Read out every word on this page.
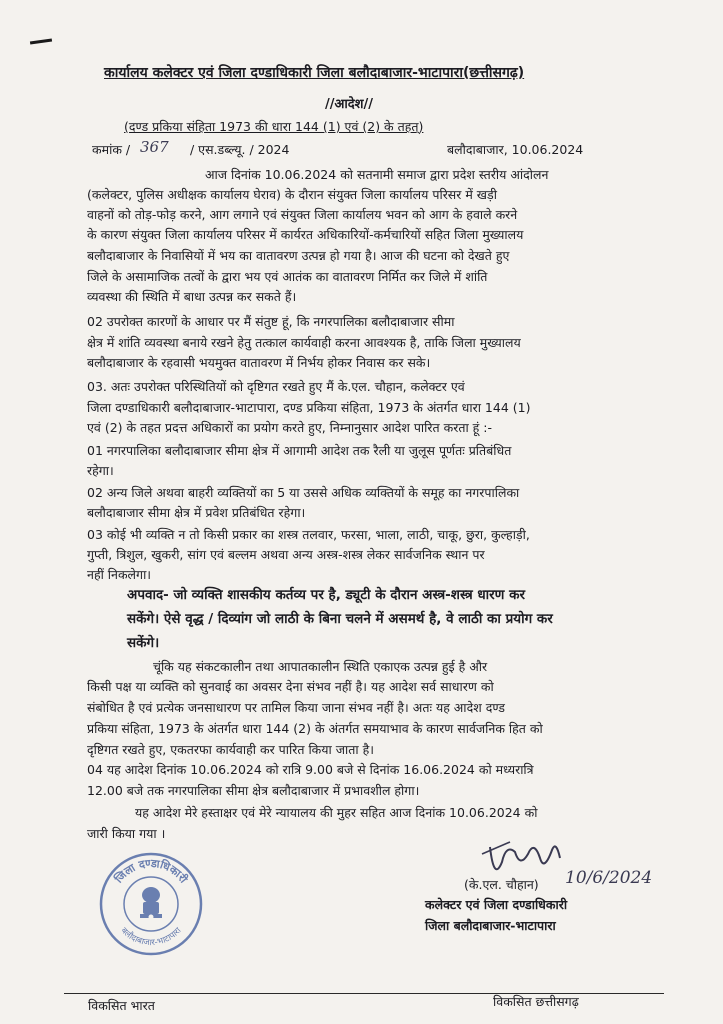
कार्यालय कलेक्टर एवं जिला दण्डाधिकारी जिला बलौदाबाजार-भाटापारा(छत्तीसगढ़)
//आदेश//
(दण्ड प्रकिया संहिता 1973 की धारा 144 (1) एवं (2) के तहत्)
कमांक / 367 / एस.डब्ल्यू. / 2024	बलौदाबाजार, 10.06.2024
आज दिनांक 10.06.2024 को सतनामी समाज द्वारा प्रदेश स्तरीय आंदोलन
(कलेक्टर, पुलिस अधीक्षक कार्यालय घेराव) के दौरान संयुक्त जिला कार्यालय परिसर में खड़ी
वाहनों को तोड़-फोड़ करने, आग लगाने एवं संयुक्त जिला कार्यालय भवन को आग के हवाले करने
के कारण संयुक्त जिला कार्यालय परिसर में कार्यरत अधिकारियों-कर्मचारियों सहित जिला मुख्यालय
बलौदाबाजार के निवासियों में भय का वातावरण उत्पन्न हो गया है। आज की घटना को देखते हुए
जिले के असामाजिक तत्वों के द्वारा भय एवं आतंक का वातावरण निर्मित कर जिले में शांति
व्यवस्था की स्थिति में बाधा उत्पन्न कर सकते हैं।
02 उपरोक्त कारणों के आधार पर मैं संतुष्ट हूं, कि नगरपालिका बलौदाबाजार सीमा
क्षेत्र में शांति व्यवस्था बनाये रखने हेतु तत्काल कार्यवाही करना आवश्यक है, ताकि जिला मुख्यालय
बलौदाबाजार के रहवासी भयमुक्त वातावरण में निर्भय होकर निवास कर सके।
03. अतः उपरोक्त परिस्थितियों को दृष्टिगत रखते हुए मैं के.एल. चौहान, कलेक्टर एवं
जिला दण्डाधिकारी बलौदाबाजार-भाटापारा, दण्ड प्रकिया संहिता, 1973 के अंतर्गत धारा 144 (1)
एवं (2) के तहत प्रदत्त अधिकारों का प्रयोग करते हुए, निम्नानुसार आदेश पारित करता हूं :-
01 नगरपालिका बलौदाबाजार सीमा क्षेत्र में आगामी आदेश तक रैली या जुलूस पूर्णतः प्रतिबंधित
रहेगा।
02 अन्य जिले अथवा बाहरी व्यक्तियों का 5 या उससे अधिक व्यक्तियों के समूह का नगरपालिका
बलौदाबाजार सीमा क्षेत्र में प्रवेश प्रतिबंधित रहेगा।
03 कोई भी व्यक्ति न तो किसी प्रकार का शस्त्र तलवार, फरसा, भाला, लाठी, चाकू, छुरा, कुल्हाड़ी,
गुप्ती, त्रिशुल, खुकरी, सांग एवं बल्लम अथवा अन्य अस्त्र-शस्त्र लेकर सार्वजनिक स्थान पर
नहीं निकलेगा।
अपवाद- जो व्यक्ति शासकीय कर्तव्य पर है, ड्यूटी के दौरान अस्त्र-शस्त्र धारण कर
सकेंगे। ऐसे वृद्ध / दिव्यांग जो लाठी के बिना चलने में असमर्थ है, वे लाठी का प्रयोग कर
सकेंगे।
चूंकि यह संकटकालीन तथा आपातकालीन स्थिति एकाएक उत्पन्न हुई है और
किसी पक्ष या व्यक्ति को सुनवाई का अवसर देना संभव नहीं है। यह आदेश सर्व साधारण को
संबोधित है एवं प्रत्येक जनसाधारण पर तामिल किया जाना संभव नहीं है। अतः यह आदेश दण्ड
प्रकिया संहिता, 1973 के अंतर्गत धारा 144 (2) के अंतर्गत समयाभाव के कारण सार्वजनिक हित को
दृष्टिगत रखते हुए, एकतरफा कार्यवाही कर पारित किया जाता है।
04 यह आदेश दिनांक 10.06.2024 को रात्रि 9.00 बजे से दिनांक 16.06.2024 को मध्यरात्रि
12.00 बजे तक नगरपालिका सीमा क्षेत्र बलौदाबाजार में प्रभावशील होगा।
यह आदेश मेरे हस्ताक्षर एवं मेरे न्यायालय की मुहर सहित आज दिनांक 10.06.2024 को
जारी किया गया ।
जिला दण्डाधिकारी
बलौदाबाजार-भाटापारा
10/6/2024
(के.एल. चौहान)
कलेक्टर एवं जिला दण्डाधिकारी
जिला बलौदाबाजार-भाटापारा
विकसित भारत	विकसित छत्तीसगढ़
